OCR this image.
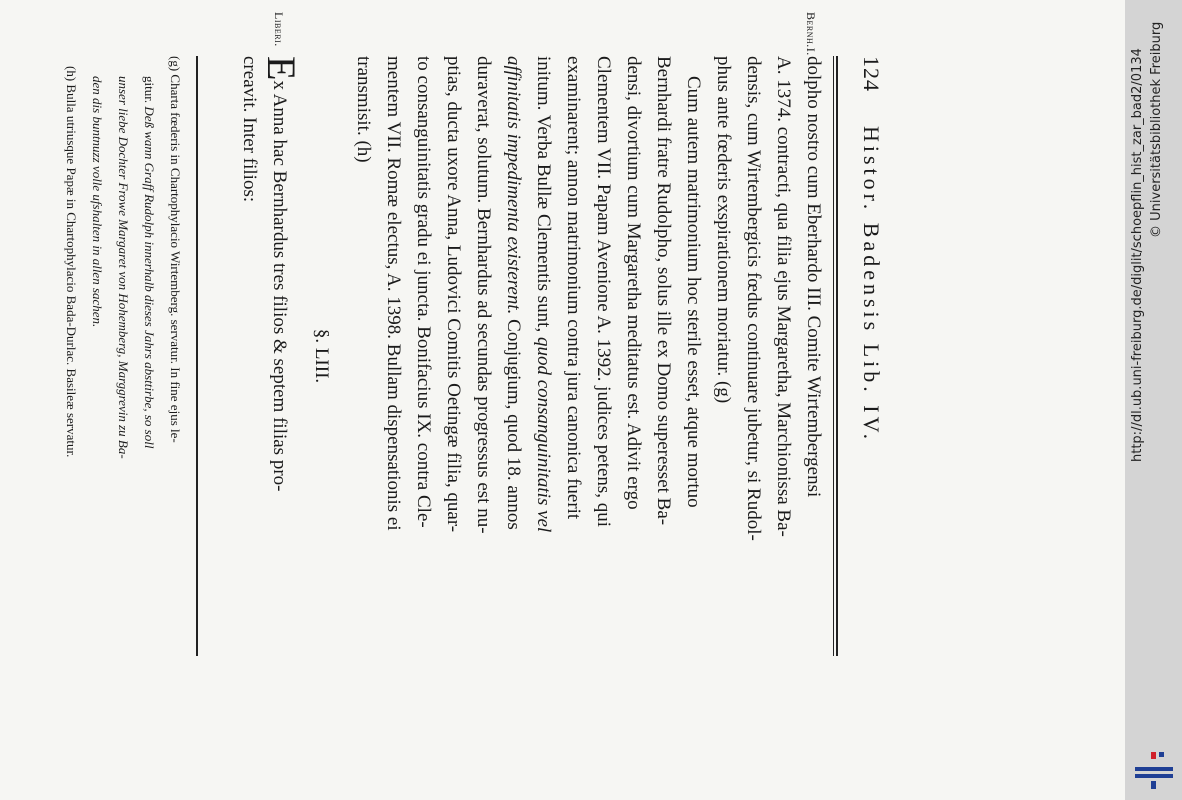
124
Histor. Badensis Lib. IV.
Bernh.I.
dolpho nostro cum Eberhardo III. Comite Wirtembergensi
A. 1374. contracti, qua filia ejus Margaretha, Marchionissa Ba-
densis, cum Wirtembergicis fœdus continuare jubetur, si Rudol-
phus ante fœderis exspirationem moriatur. (g)
Cum autem matrimonium hoc sterile esset, atque mortuo
Bernhardi fratre Rudolpho, solus ille ex Domo superesset Ba-
densi, divortium cum Margaretha meditatus est. Adivit ergo
Clementem VII. Papam Avenione A. 1392. judices petens, qui
examinarent; annon matrimonium contra jura canonica fuerit
initum. Verba Bullæ Clementis sunt, quod consanguinitatis vel
affinitatis impedimenta existerent. Conjugium, quod 18. annos
duraverat, solutum. Bernhardus ad secundas progressus est nu-
ptias, ducta uxore Anna, Ludovici Comitis Oetingæ filia, quar-
to consanguinitatis gradu ei juncta. Bonifacius IX. contra Cle-
mentem VII. Romæ electus, A. 1398. Bullam dispensationis ei
transmisit. (h)
§. LIII.
Liberi.
Ex Anna hac Bernhardus tres filios & septem filias pro-
creavit. Inter filios:
(g) Charta fœderis in Chartophylacio Wirtemberg. servatur. In fine ejus le-
gitur. Deß wann Graff Rudolph innerhalb dieses Jahrs absttirbe, so soll
unser liebe Dochter Frowe Margaret von Hohemberg, Marggrevin zu Ba-
den dis buntnuzz volle ufshalten in allen sachen.
(h) Bulla utriusque Papæ in Chartophylacio Bada-Durlac. Basileæ servatur.	http://dl.ub.uni-freiburg.de/diglit/schoepflin_hist_zar_bad2/0134 © Universitätsbibliothek Freiburg
